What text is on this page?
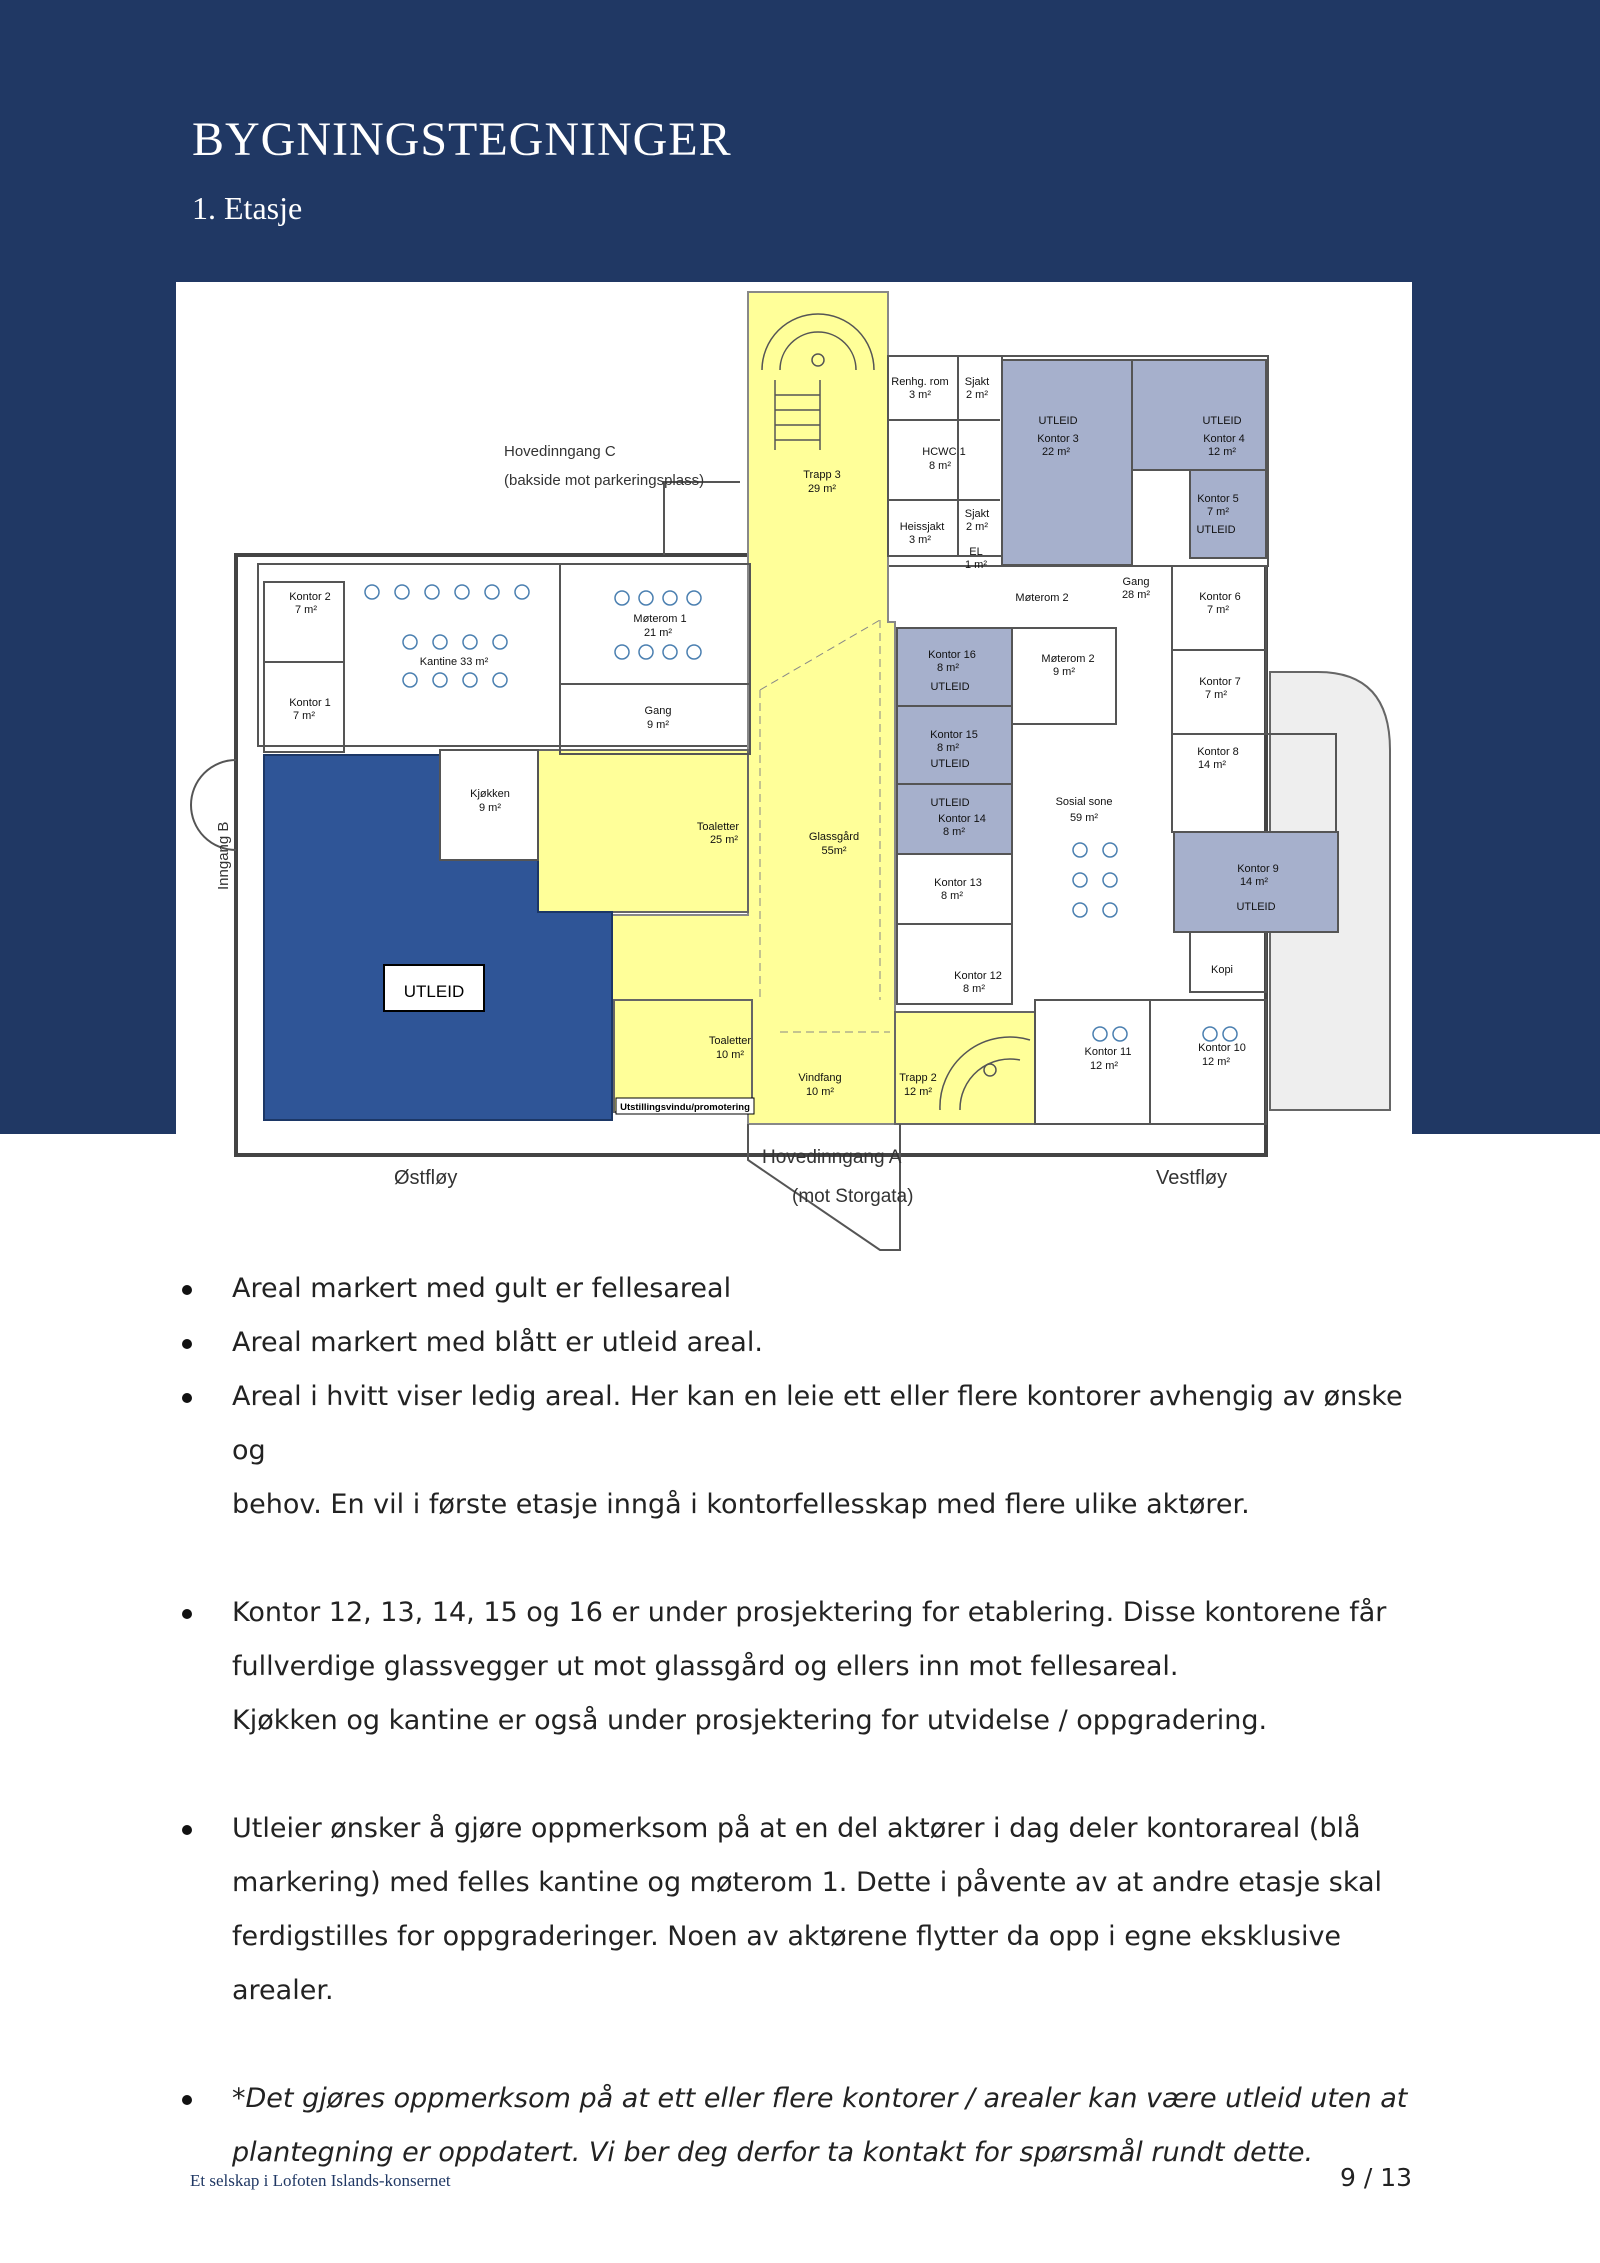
BYGNINGSTEGNINGER
1. Etasje
UTLEID
Utstillingsvindu/promotering
Hovedinngang C
(bakside mot parkeringsplass)
Inngang B
Hovedinngang A
(mot Storgata)
Østfløy	Vestfløy
Renhg. rom
3 m²
Sjakt
2 m²
Trapp 3
29 m²
HCWC 1
8 m²
Heissjakt
3 m²
Sjakt
2 m²
EL
1 m²
UTLEID
Kontor 3
22 m²
UTLEID
Kontor 4
12 m²
Kontor 5
7 m²
UTLEID
Møterom 2
Gang
28 m²	Kontor 6
7 m²
Kontor 2
7 m²
Kontor 1
7 m²
Kantine 33 m²
Møterom 1
21 m²
Gang
9 m²
Kjøkken
9 m²
Toaletter
25 m²	Glassgård
55m²
Kontor 16
8 m²
UTLEID
Møterom 2
9 m²
Kontor 7
7 m²
Kontor 15
8 m²
UTLEID
Kontor 8
14 m²
UTLEID
Kontor 14
8 m²
Sosial sone
59 m²
Kontor 9
14 m²
UTLEID
Kontor 13
8 m²
Kopi
Kontor 12
8 m²
Toaletter
10 m²
Vindfang
10 m²
Trapp 2
12 m²
Kontor 11
12 m²
Kontor 10
12 m²
Areal markert med gult er fellesareal
Areal markert med blått er utleid areal.
Areal i hvitt viser ledig areal. Her kan en leie ett eller flere kontorer avhengig av ønske og
behov. En vil i første etasje inngå i kontorfellesskap med flere ulike aktører.
Kontor 12, 13, 14, 15 og 16 er under prosjektering for etablering. Disse kontorene får
fullverdige glassvegger ut mot glassgård og ellers inn mot fellesareal.
Kjøkken og kantine er også under prosjektering for utvidelse / oppgradering.
Utleier ønsker å gjøre oppmerksom på at en del aktører i dag deler kontorareal (blå
markering) med felles kantine og møterom 1. Dette i påvente av at andre etasje skal
ferdigstilles for oppgraderinger. Noen av aktørene flytter da opp i egne eksklusive arealer.
*Det gjøres oppmerksom på at ett eller flere kontorer / arealer kan være utleid uten at
plantegning er oppdatert. Vi ber deg derfor ta kontakt for spørsmål rundt dette.
Et selskap i Lofoten Islands-konsernet	9 / 13
